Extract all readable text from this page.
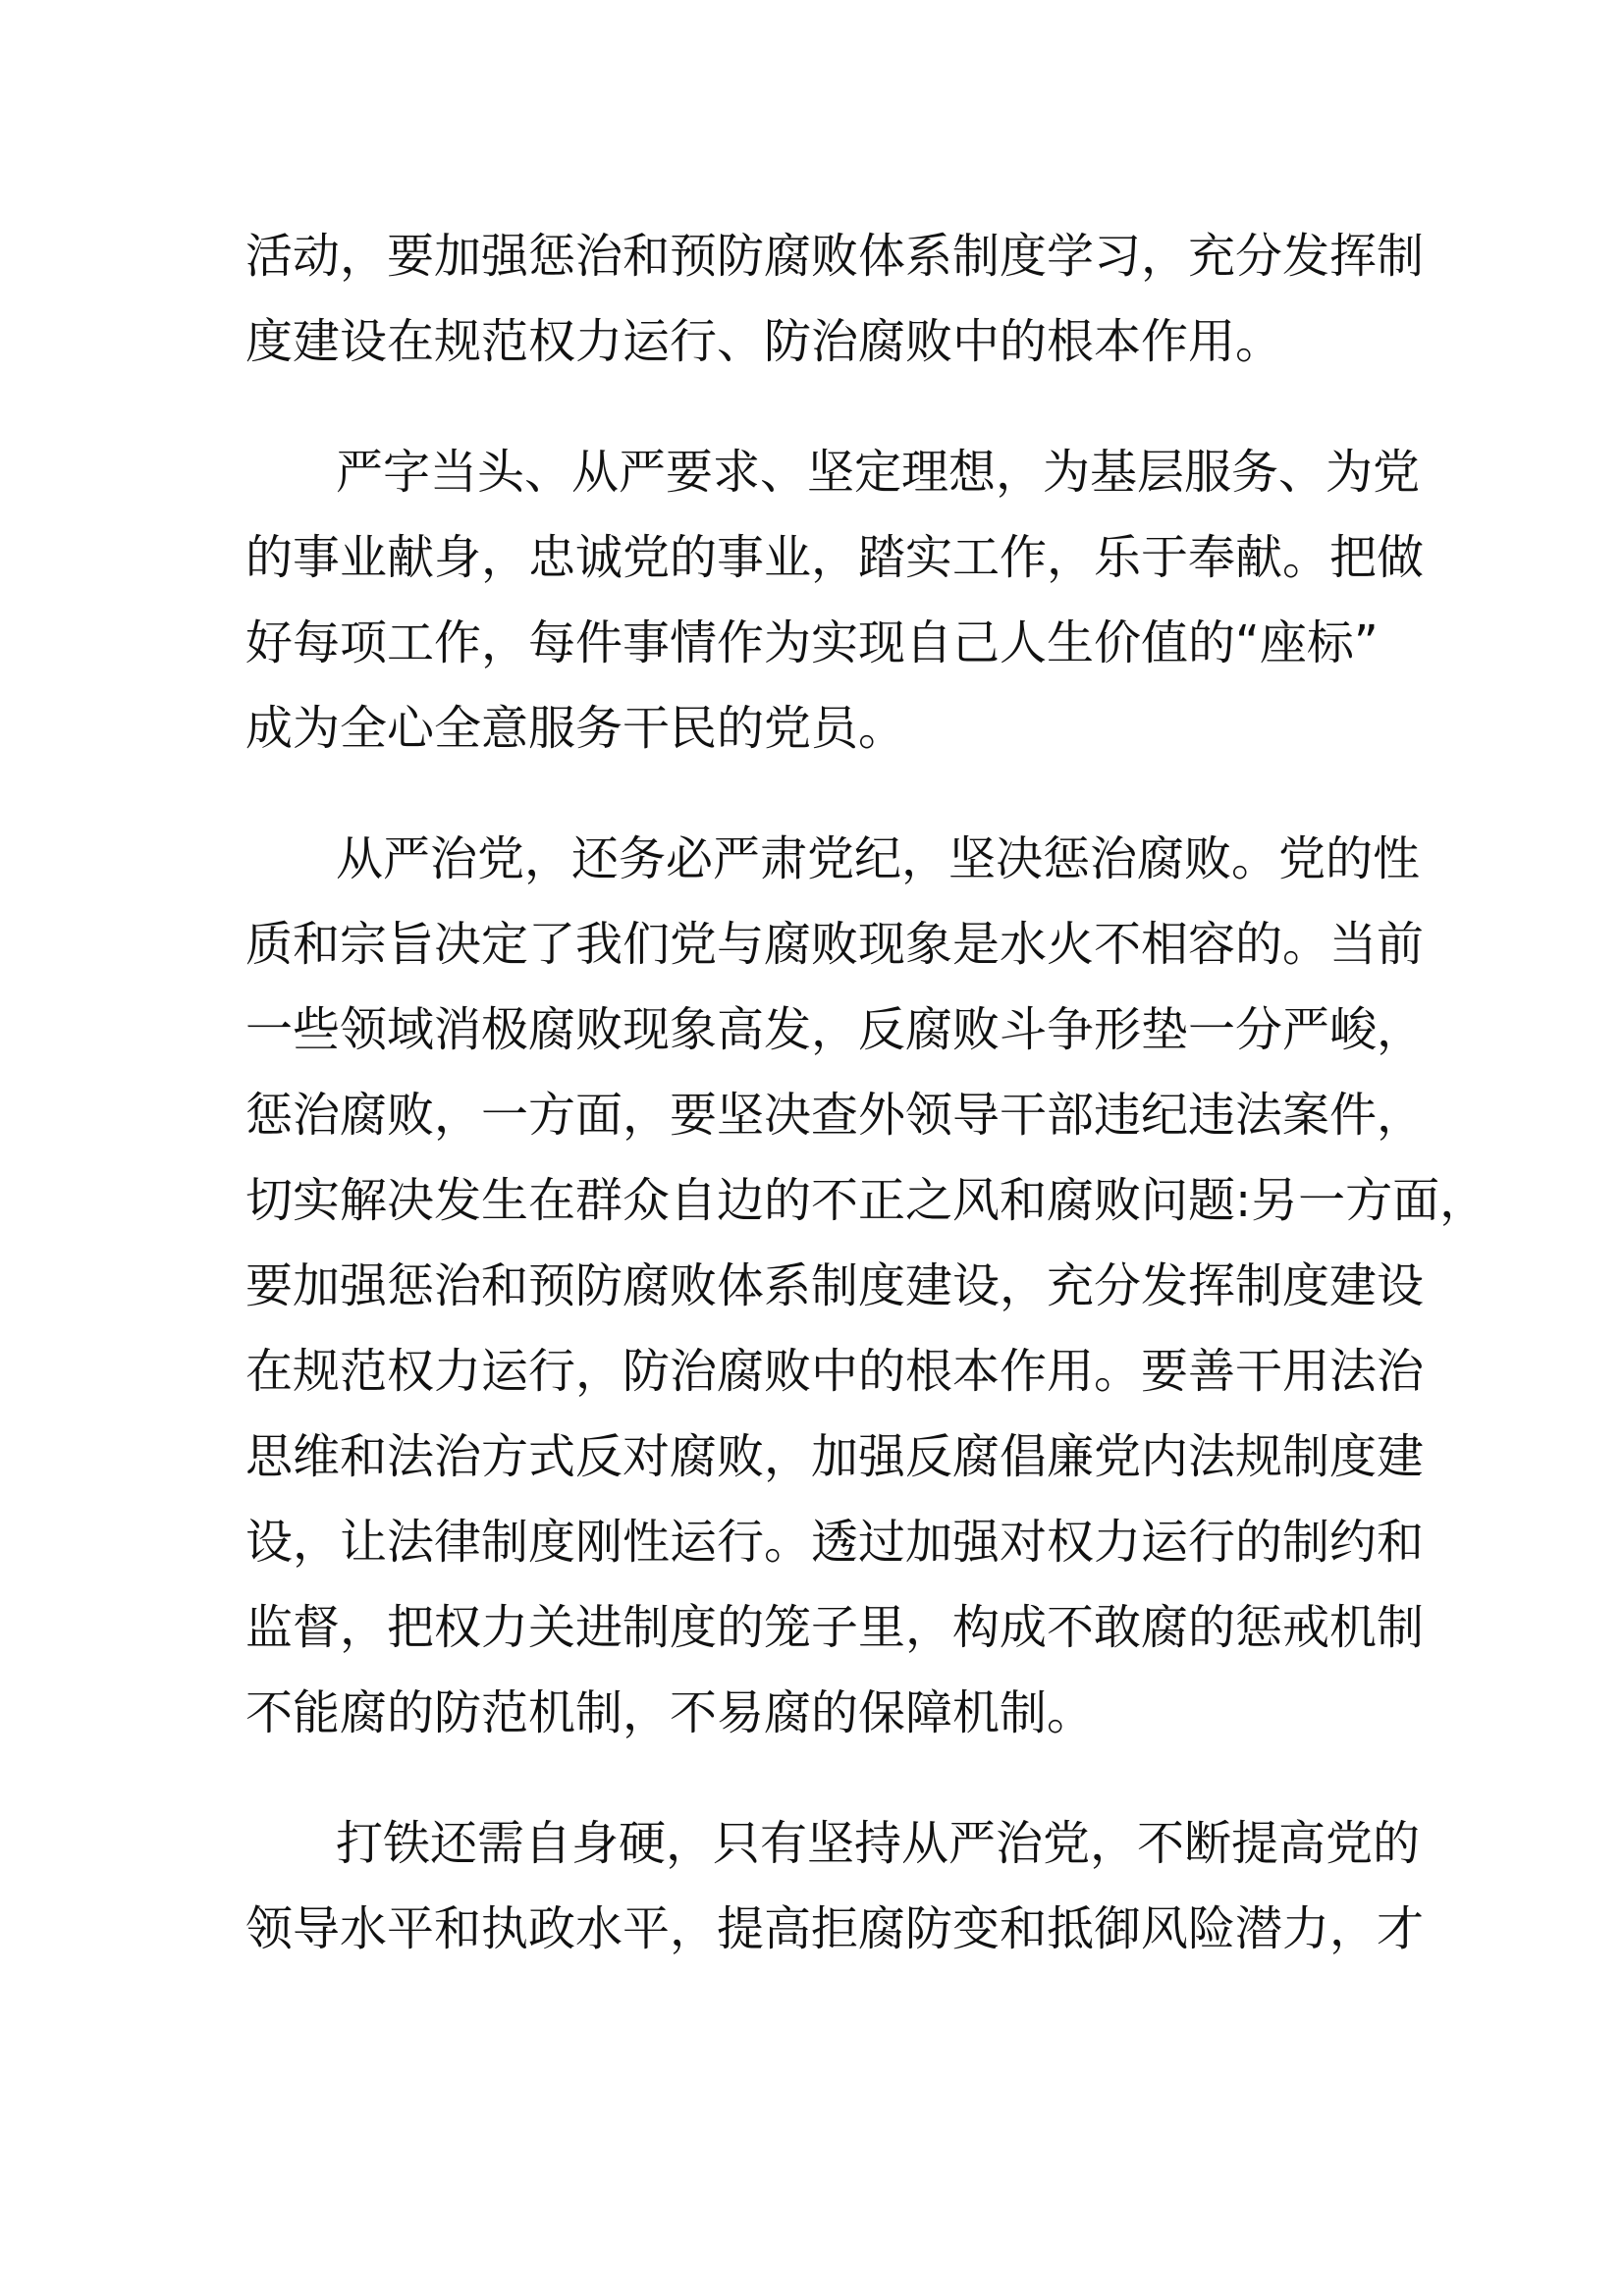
活动，要加强惩治和预防腐败体系制度学习，充分发挥制
度建设在规范权力运行、防治腐败中的根本作用。

严字当头、从严要求、坚定理想，为基层服务、为党
的事业献身，忠诚党的事业，踏实工作，乐于奉献。把做
好每项工作，每件事情作为实现自己人生价值的“座标”
成为全心全意服务干民的党员。

从严治党，还务必严肃党纪，坚决惩治腐败。党的性
质和宗旨决定了我们党与腐败现象是水火不相容的。当前
一些领域消极腐败现象高发，反腐败斗争形垫一分严峻，
惩治腐败，一方面，要坚决查外领导干部违纪违法案件，
切实解决发生在群众自边的不正之风和腐败问题:另一方面，
要加强惩治和预防腐败体系制度建设，充分发挥制度建设
在规范权力运行，防治腐败中的根本作用。要善干用法治
思维和法治方式反对腐败，加强反腐倡廉党内法规制度建
设，让法律制度刚性运行。透过加强对权力运行的制约和
监督，把权力关进制度的笼子里，构成不敢腐的惩戒机制
不能腐的防范机制，不易腐的保障机制。

打铁还需自身硬，只有坚持从严治党，不断提高党的
领导水平和执政水平，提高拒腐防变和抵御风险潜力，才
